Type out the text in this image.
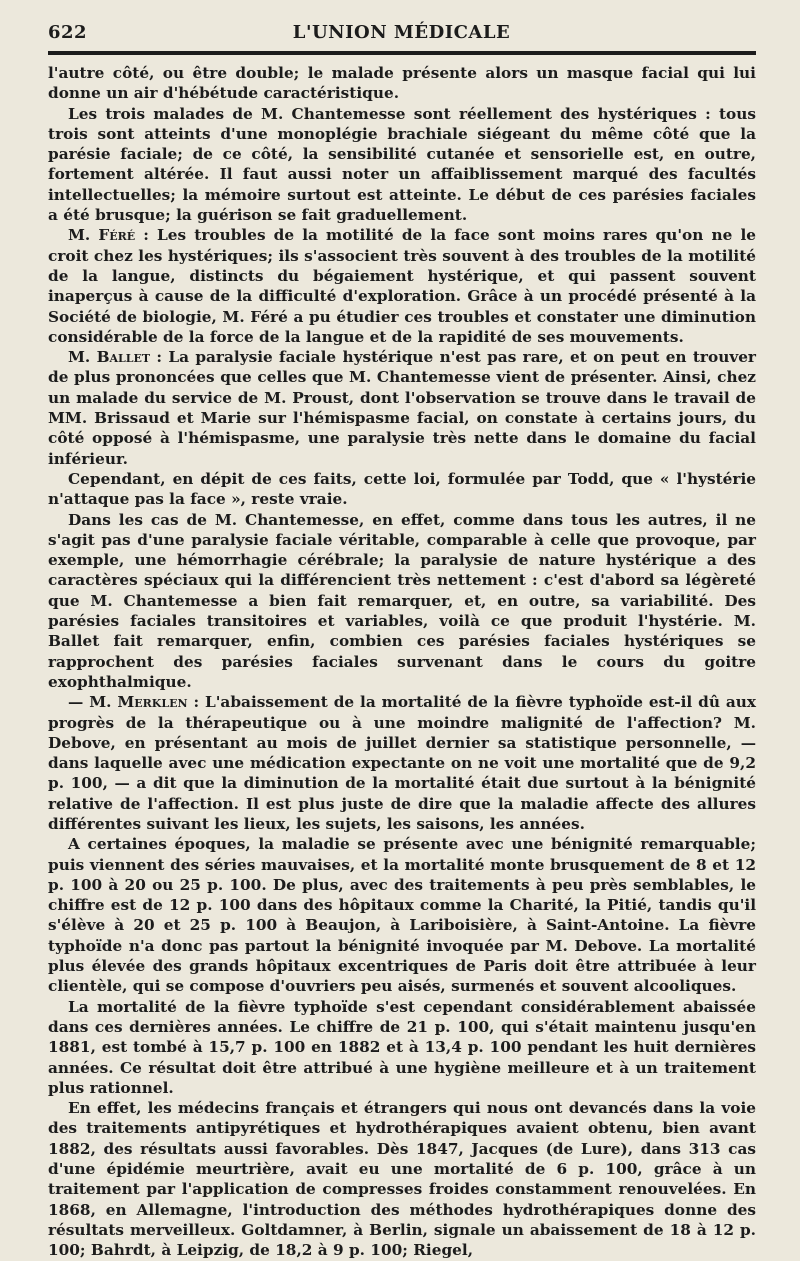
622	L'UNION MÉDICALE

l'autre côté, ou être double; le malade présente alors un masque facial qui lui donne un air d'hébétude caractéristique.

Les trois malades de M. Chantemesse sont réellement des hystériques : tous trois sont atteints d'une monoplégie brachiale siégeant du même côté que la parésie faciale; de ce côté, la sensibilité cutanée et sensorielle est, en outre, fortement altérée. Il faut aussi noter un affaiblissement marqué des facultés intellectuelles; la mémoire surtout est atteinte. Le début de ces parésies faciales a été brusque; la guérison se fait graduellement.

M. Féré : Les troubles de la motilité de la face sont moins rares qu'on ne le croit chez les hystériques; ils s'associent très souvent à des troubles de la motilité de la langue, distincts du bégaiement hystérique, et qui passent souvent inaperçus à cause de la difficulté d'exploration. Grâce à un procédé présenté à la Société de biologie, M. Féré a pu étudier ces troubles et constater une diminution considérable de la force de la langue et de la rapidité de ses mouvements.

M. Ballet : La paralysie faciale hystérique n'est pas rare, et on peut en trouver de plus prononcées que celles que M. Chantemesse vient de présenter. Ainsi, chez un malade du service de M. Proust, dont l'observation se trouve dans le travail de MM. Brissaud et Marie sur l'hémispasme facial, on constate à certains jours, du côté opposé à l'hémispasme, une paralysie très nette dans le domaine du facial inférieur.

Cependant, en dépit de ces faits, cette loi, formulée par Todd, que « l'hystérie n'attaque pas la face », reste vraie.

Dans les cas de M. Chantemesse, en effet, comme dans tous les autres, il ne s'agit pas d'une paralysie faciale véritable, comparable à celle que provoque, par exemple, une hémorrhagie cérébrale; la paralysie de nature hystérique a des caractères spéciaux qui la différencient très nettement : c'est d'abord sa légèreté que M. Chantemesse a bien fait remarquer, et, en outre, sa variabilité. Des parésies faciales transitoires et variables, voilà ce que produit l'hystérie. M. Ballet fait remarquer, enfin, combien ces parésies faciales hystériques se rapprochent des parésies faciales survenant dans le cours du goitre exophthalmique.

— M. Merklen : L'abaissement de la mortalité de la fièvre typhoïde est-il dû aux progrès de la thérapeutique ou à une moindre malignité de l'affection? M. Debove, en présentant au mois de juillet dernier sa statistique personnelle, — dans laquelle avec une médication expectante on ne voit une mortalité que de 9,2 p. 100, — a dit que la diminution de la mortalité était due surtout à la bénignité relative de l'affection. Il est plus juste de dire que la maladie affecte des allures différentes suivant les lieux, les sujets, les saisons, les années.

A certaines époques, la maladie se présente avec une bénignité remarquable; puis viennent des séries mauvaises, et la mortalité monte brusquement de 8 et 12 p. 100 à 20 ou 25 p. 100. De plus, avec des traitements à peu près semblables, le chiffre est de 12 p. 100 dans des hôpitaux comme la Charité, la Pitié, tandis qu'il s'élève à 20 et 25 p. 100 à Beaujon, à Lariboisière, à Saint-Antoine. La fièvre typhoïde n'a donc pas partout la bénignité invoquée par M. Debove. La mortalité plus élevée des grands hôpitaux excentriques de Paris doit être attribuée à leur clientèle, qui se compose d'ouvriers peu aisés, surmenés et souvent alcooliques.

La mortalité de la fièvre typhoïde s'est cependant considérablement abaissée dans ces dernières années. Le chiffre de 21 p. 100, qui s'était maintenu jusqu'en 1881, est tombé à 15,7 p. 100 en 1882 et à 13,4 p. 100 pendant les huit dernières années. Ce résultat doit être attribué à une hygiène meilleure et à un traitement plus rationnel.

En effet, les médecins français et étrangers qui nous ont devancés dans la voie des traitements antipyrétiques et hydrothérapiques avaient obtenu, bien avant 1882, des résultats aussi favorables. Dès 1847, Jacques (de Lure), dans 313 cas d'une épidémie meurtrière, avait eu une mortalité de 6 p. 100, grâce à un traitement par l'application de compresses froides constamment renouvelées. En 1868, en Allemagne, l'introduction des méthodes hydrothérapiques donne des résultats merveilleux. Goltdamner, à Berlin, signale un abaissement de 18 à 12 p. 100; Bahrdt, à Leipzig, de 18,2 à 9 p. 100; Riegel,
